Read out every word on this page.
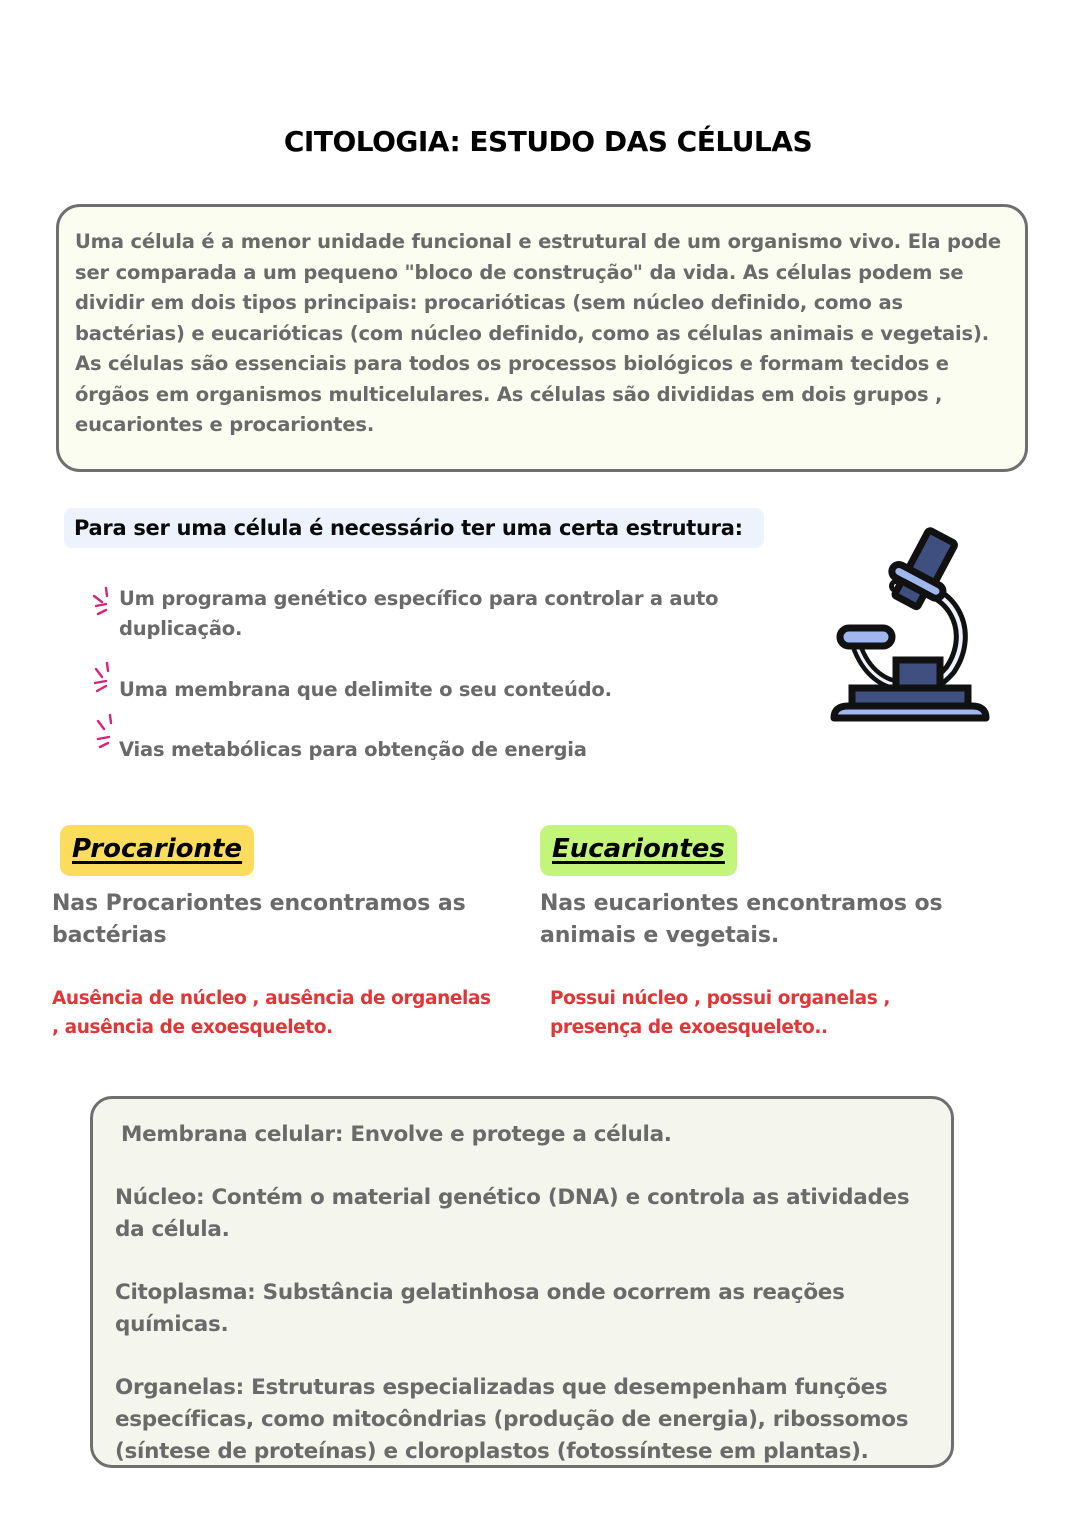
CITOLOGIA: ESTUDO DAS CÉLULAS

Uma célula é a menor unidade funcional e estrutural de um organismo vivo. Ela pode ser comparada a um pequeno "bloco de construção" da vida. As células podem se dividir em dois tipos principais: procarióticas (sem núcleo definido, como as bactérias) e eucarióticas (com núcleo definido, como as células animais e vegetais). As células são essenciais para todos os processos biológicos e formam tecidos e órgãos em organismos multicelulares. As células são divididas em dois grupos , eucariontes e procariontes.

Para ser uma célula é necessário ter uma certa estrutura:
Um programa genético específico para controlar a auto duplicação.
Uma membrana que delimite o seu conteúdo.
Vias metabólicas para obtenção de energia
Procarionte
Nas Procariontes encontramos as bactérias
Ausência de núcleo , ausência de organelas , ausência de exoesqueleto.
Eucariontes
Nas eucariontes encontramos os animais e vegetais.
Possui núcleo , possui organelas , presença de exoesqueleto..
Membrana celular: Envolve e protege a célula.
Núcleo: Contém o material genético (DNA) e controla as atividades da célula.
Citoplasma: Substância gelatinhosa onde ocorrem as reações químicas.
Organelas: Estruturas especializadas que desempenham funções específicas, como mitocôndrias (produção de energia), ribossomos (síntese de proteínas) e cloroplastos (fotossíntese em plantas).
